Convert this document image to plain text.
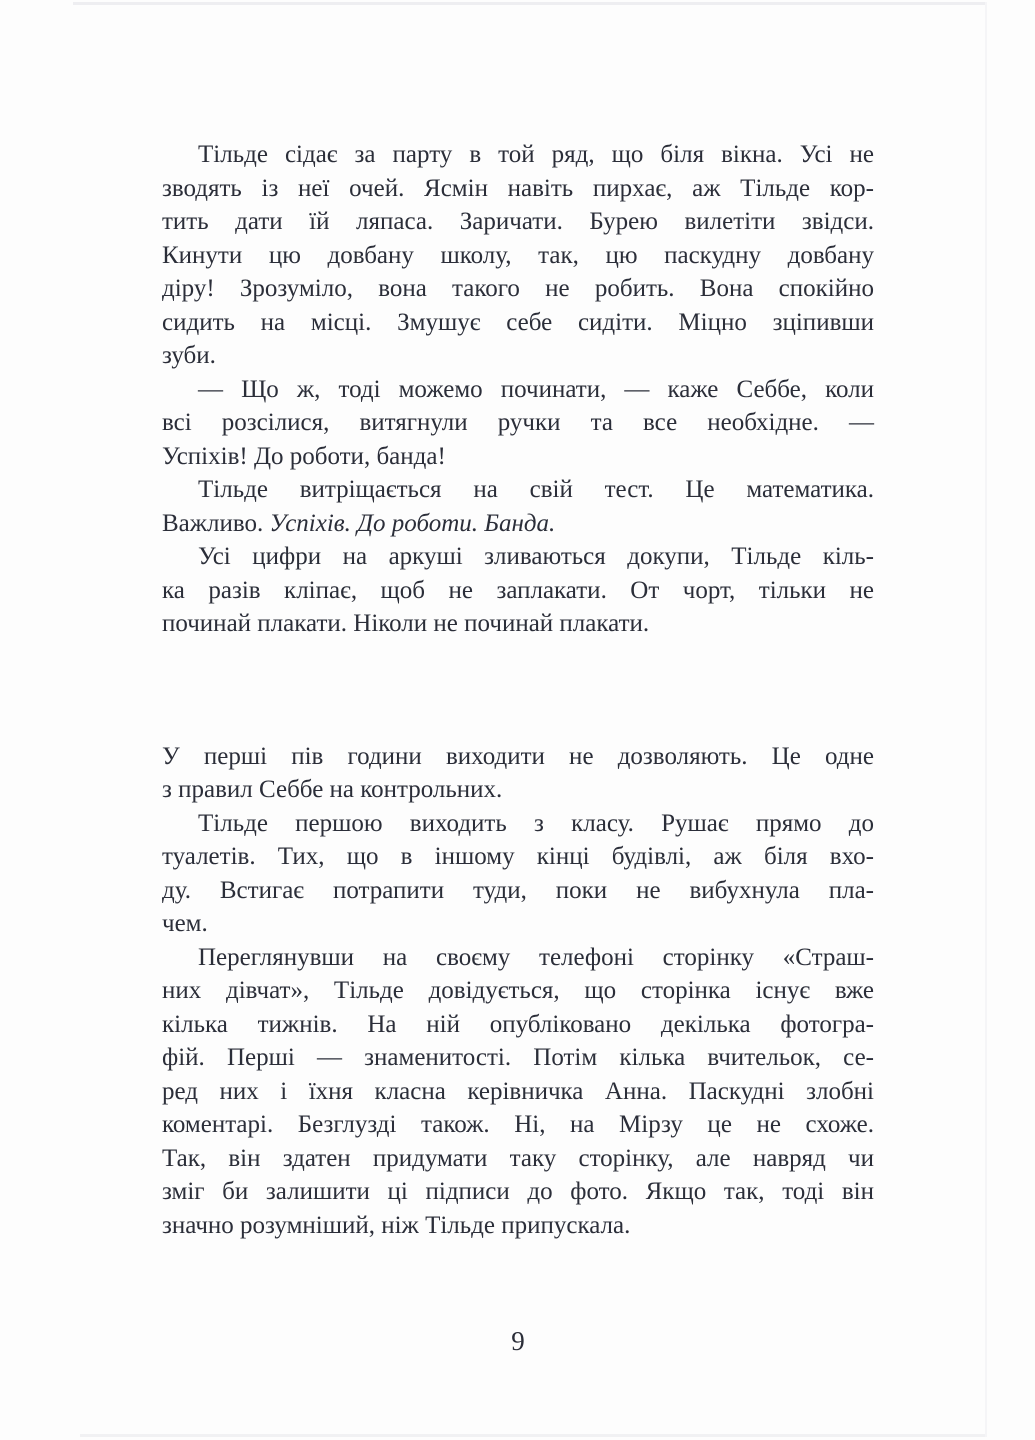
Тільде сідає за парту в той ряд, що біля вікна. Усі не
зводять із неї очей. Ясмін навіть пирхає, аж Тільде кор-
тить дати їй ляпаса. Заричати. Бурею вилетіти звідси.
Кинути цю довбану школу, так, цю паскудну довбану
діру! Зрозуміло, вона такого не робить. Вона спокійно
сидить на місці. Змушує себе сидіти. Міцно зціпивши
зуби.

— Що ж, тоді можемо починати, — каже Себбе, коли
всі розсілися, витягнули ручки та все необхідне. —
Успіхів! До роботи, банда!

Тільде витріщається на свій тест. Це математика.
Важливо. Успіхів. До роботи. Банда.

Усі цифри на аркуші зливаються докупи, Тільде кіль-
ка разів кліпає, щоб не заплакати. От чорт, тільки не
починай плакати. Ніколи не починай плакати.

У перші пів години виходити не дозволяють. Це одне
з правил Себбе на контрольних.

Тільде першою виходить з класу. Рушає прямо до
туалетів. Тих, що в іншому кінці будівлі, аж біля вхо-
ду. Встигає потрапити туди, поки не вибухнула пла-
чем.

Переглянувши на своєму телефоні сторінку «Страш-
них дівчат», Тільде довідується, що сторінка існує вже
кілька тижнів. На ній опубліковано декілька фотогра-
фій. Перші — знаменитості. Потім кілька вчительок, се-
ред них і їхня класна керівничка Анна. Паскудні злобні
коментарі. Безглузді також. Ні, на Мірзу це не схоже.
Так, він здатен придумати таку сторінку, але навряд чи
зміг би залишити ці підписи до фото. Якщо так, тоді він
значно розумніший, ніж Тільде припускала.

9
